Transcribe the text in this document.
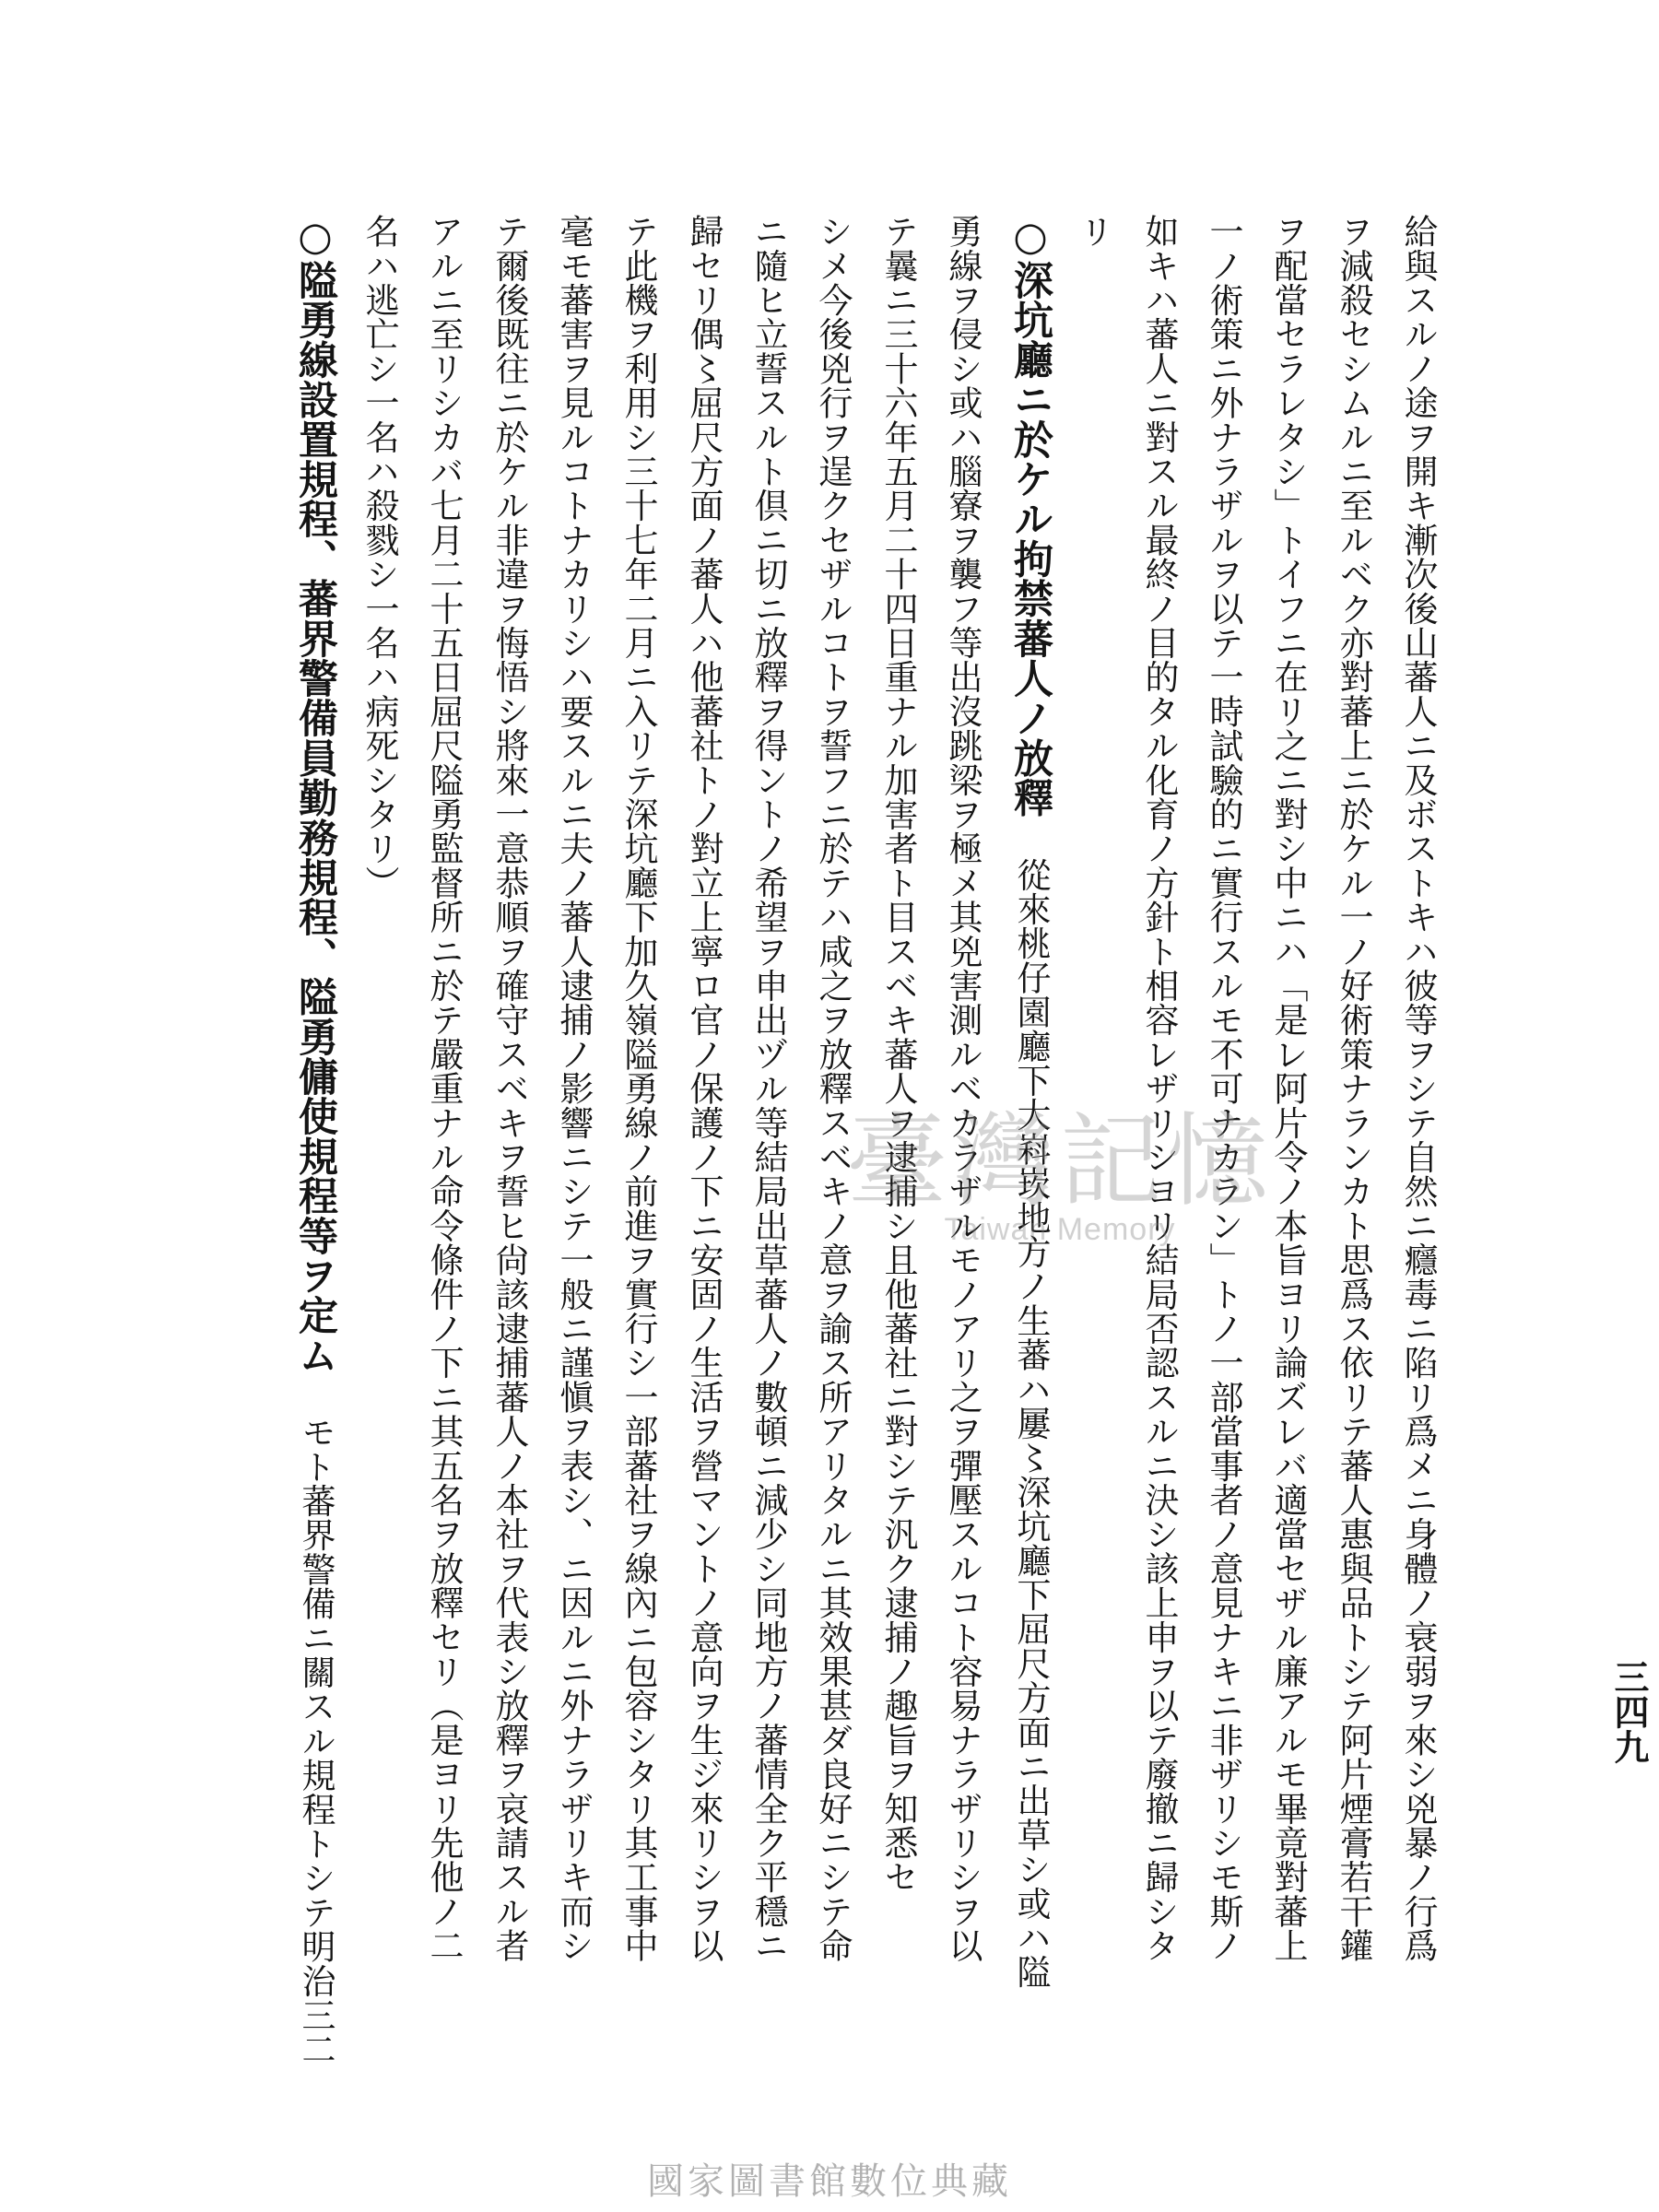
給與スルノ途ヲ開キ漸次後山蕃人ニ及ボストキハ彼等ヲシテ自然ニ癮毒ニ陷リ爲メニ身體ノ衰弱ヲ來シ兇暴ノ行爲

ヲ減殺セシムルニ至ルベク亦對蕃上ニ於ケル一ノ好術策ナランカト思爲ス依リテ蕃人惠與品トシテ阿片煙膏若干鑵

ヲ配當セラレタシ」トイフニ在リ之ニ對シ中ニハ「是レ阿片令ノ本旨ヨリ論ズレバ適當セザル廉アルモ畢竟對蕃上

一ノ術策ニ外ナラザルヲ以テ一時試驗的ニ實行スルモ不可ナカラン」トノ一部當事者ノ意見ナキニ非ザリシモ斯ノ

如キハ蕃人ニ對スル最終ノ目的タル化育ノ方針ト相容レザリシヨリ結局否認スルニ決シ該上申ヲ以テ廢撤ニ歸シタ

リ

○深坑廳ニ於ケル拘禁蕃人ノ放釋 從來桃仔園廳下大嵙崁地方ノ生蕃ハ屢〻深坑廳下屈尺方面ニ出草シ或ハ隘

勇線ヲ侵シ或ハ腦寮ヲ襲フ等出沒跳梁ヲ極メ其兇害測ルベカラザルモノアリ之ヲ彈壓スルコト容易ナラザリシヲ以

テ曩ニ三十六年五月二十四日重ナル加害者ト目スベキ蕃人ヲ逮捕シ且他蕃社ニ對シテ汎ク逮捕ノ趣旨ヲ知悉セ

シメ今後兇行ヲ逞クセザルコトヲ誓フニ於テハ咸之ヲ放釋スベキノ意ヲ諭ス所アリタルニ其效果甚ダ良好ニシテ命

ニ隨ヒ立誓スルト倶ニ切ニ放釋ヲ得ントノ希望ヲ申出ヅル等結局出草蕃人ノ數頓ニ減少シ同地方ノ蕃情全ク平穩ニ

歸セリ偶〻屈尺方面ノ蕃人ハ他蕃社トノ對立上寧ロ官ノ保護ノ下ニ安固ノ生活ヲ營マントノ意向ヲ生ジ來リシヲ以

テ此機ヲ利用シ三十七年二月ニ入リテ深坑廳下加久嶺隘勇線ノ前進ヲ實行シ一部蕃社ヲ線內ニ包容シタリ其工事中

毫モ蕃害ヲ見ルコトナカリシハ要スルニ夫ノ蕃人逮捕ノ影響ニシテ一般ニ謹愼ヲ表シ、ニ因ルニ外ナラザリキ而シ

テ爾後既往ニ於ケル非違ヲ悔悟シ將來一意恭順ヲ確守スベキヲ誓ヒ尙該逮捕蕃人ノ本社ヲ代表シ放釋ヲ哀請スル者

アルニ至リシカバ七月二十五日屈尺隘勇監督所ニ於テ嚴重ナル命令條件ノ下ニ其五名ヲ放釋セリ（是ヨリ先他ノ二

名ハ逃亡シ一名ハ殺戮シ一名ハ病死シタリ）

○隘勇線設置規程、蕃界警備員勤務規程、隘勇傭使規程等ヲ定ム モト蕃界警備ニ關スル規程トシテ明治三二	三四九

臺灣記憶
Taiwan Memory
國家圖書館數位典藏
